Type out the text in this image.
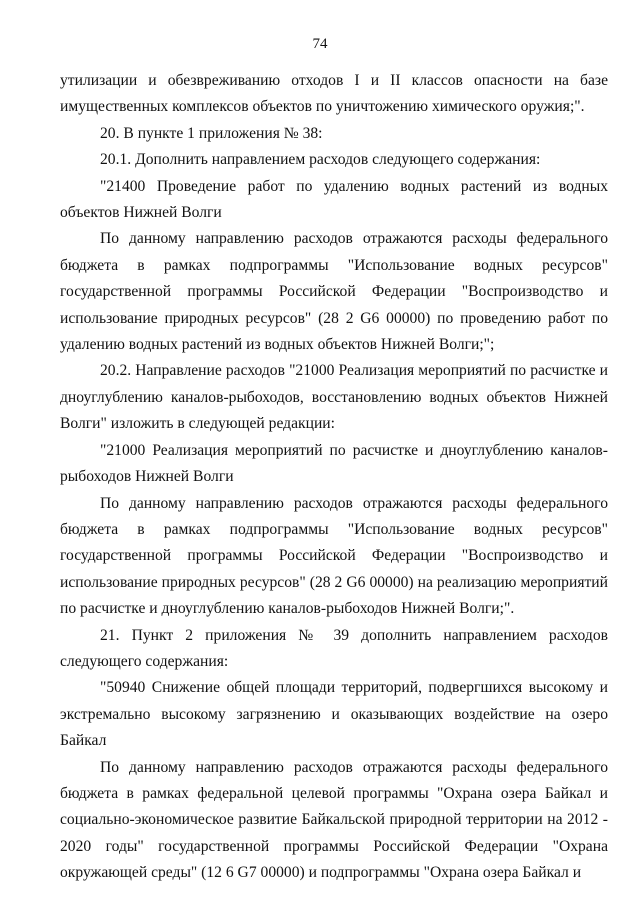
74

утилизации и обезвреживанию отходов I и II классов опасности на базе имущественных комплексов объектов по уничтожению химического оружия;".

20. В пункте 1 приложения № 38:

20.1. Дополнить направлением расходов следующего содержания:

"21400 Проведение работ по удалению водных растений из водных объектов Нижней Волги

По данному направлению расходов отражаются расходы федерального бюджета в рамках подпрограммы "Использование водных ресурсов" государственной программы Российской Федерации "Воспроизводство и использование природных ресурсов" (28 2 G6 00000) по проведению работ по удалению водных растений из водных объектов Нижней Волги;";

20.2. Направление расходов "21000 Реализация мероприятий по расчистке и дноуглублению каналов-рыбоходов, восстановлению водных объектов Нижней Волги" изложить в следующей редакции:

"21000 Реализация мероприятий по расчистке и дноуглублению каналов-рыбоходов Нижней Волги

По данному направлению расходов отражаются расходы федерального бюджета в рамках подпрограммы "Использование водных ресурсов" государственной программы Российской Федерации "Воспроизводство и использование природных ресурсов" (28 2 G6 00000) на реализацию мероприятий по расчистке и дноуглублению каналов-рыбоходов Нижней Волги;".

21. Пункт 2 приложения № 39 дополнить направлением расходов следующего содержания:

"50940 Снижение общей площади территорий, подвергшихся высокому и экстремально высокому загрязнению и оказывающих воздействие на озеро Байкал

По данному направлению расходов отражаются расходы федерального бюджета в рамках федеральной целевой программы "Охрана озера Байкал и социально-экономическое развитие Байкальской природной территории на 2012 - 2020 годы" государственной программы Российской Федерации "Охрана окружающей среды" (12 6 G7 00000) и подпрограммы "Охрана озера Байкал и
